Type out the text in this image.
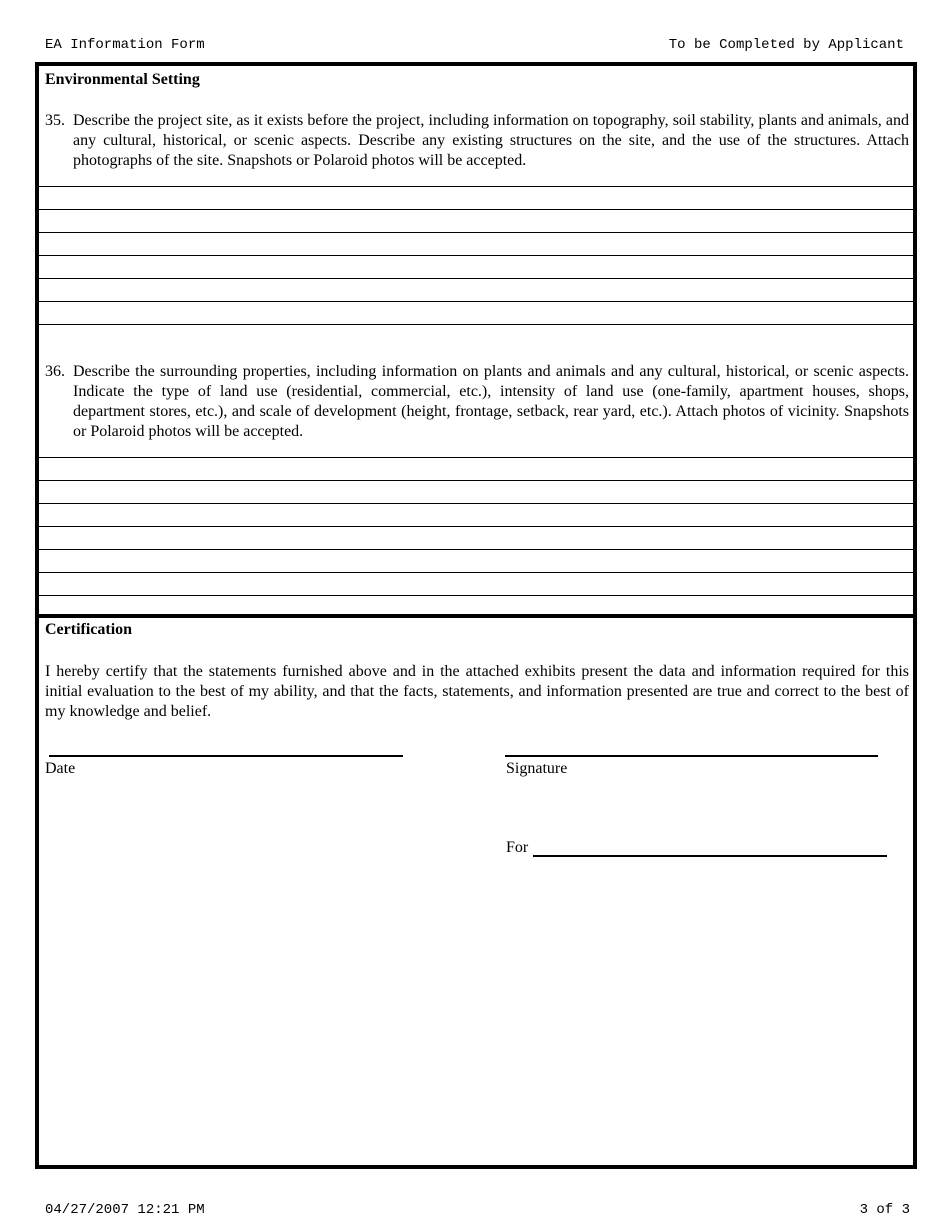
EA Information Form	To be Completed by Applicant
Environmental Setting
35. Describe the project site, as it exists before the project, including information on topography, soil stability, plants and animals, and any cultural, historical, or scenic aspects. Describe any existing structures on the site, and the use of the structures. Attach photographs of the site. Snapshots or Polaroid photos will be accepted.
36. Describe the surrounding properties, including information on plants and animals and any cultural, historical, or scenic aspects. Indicate the type of land use (residential, commercial, etc.), intensity of land use (one-family, apartment houses, shops, department stores, etc.), and scale of development (height, frontage, setback, rear yard, etc.). Attach photos of vicinity. Snapshots or Polaroid photos will be accepted.
Certification
I hereby certify that the statements furnished above and in the attached exhibits present the data and information required for this initial evaluation to the best of my ability, and that the facts, statements, and information presented are true and correct to the best of my knowledge and belief.
Date	Signature
For
04/27/2007 12:21 PM	3 of 3
